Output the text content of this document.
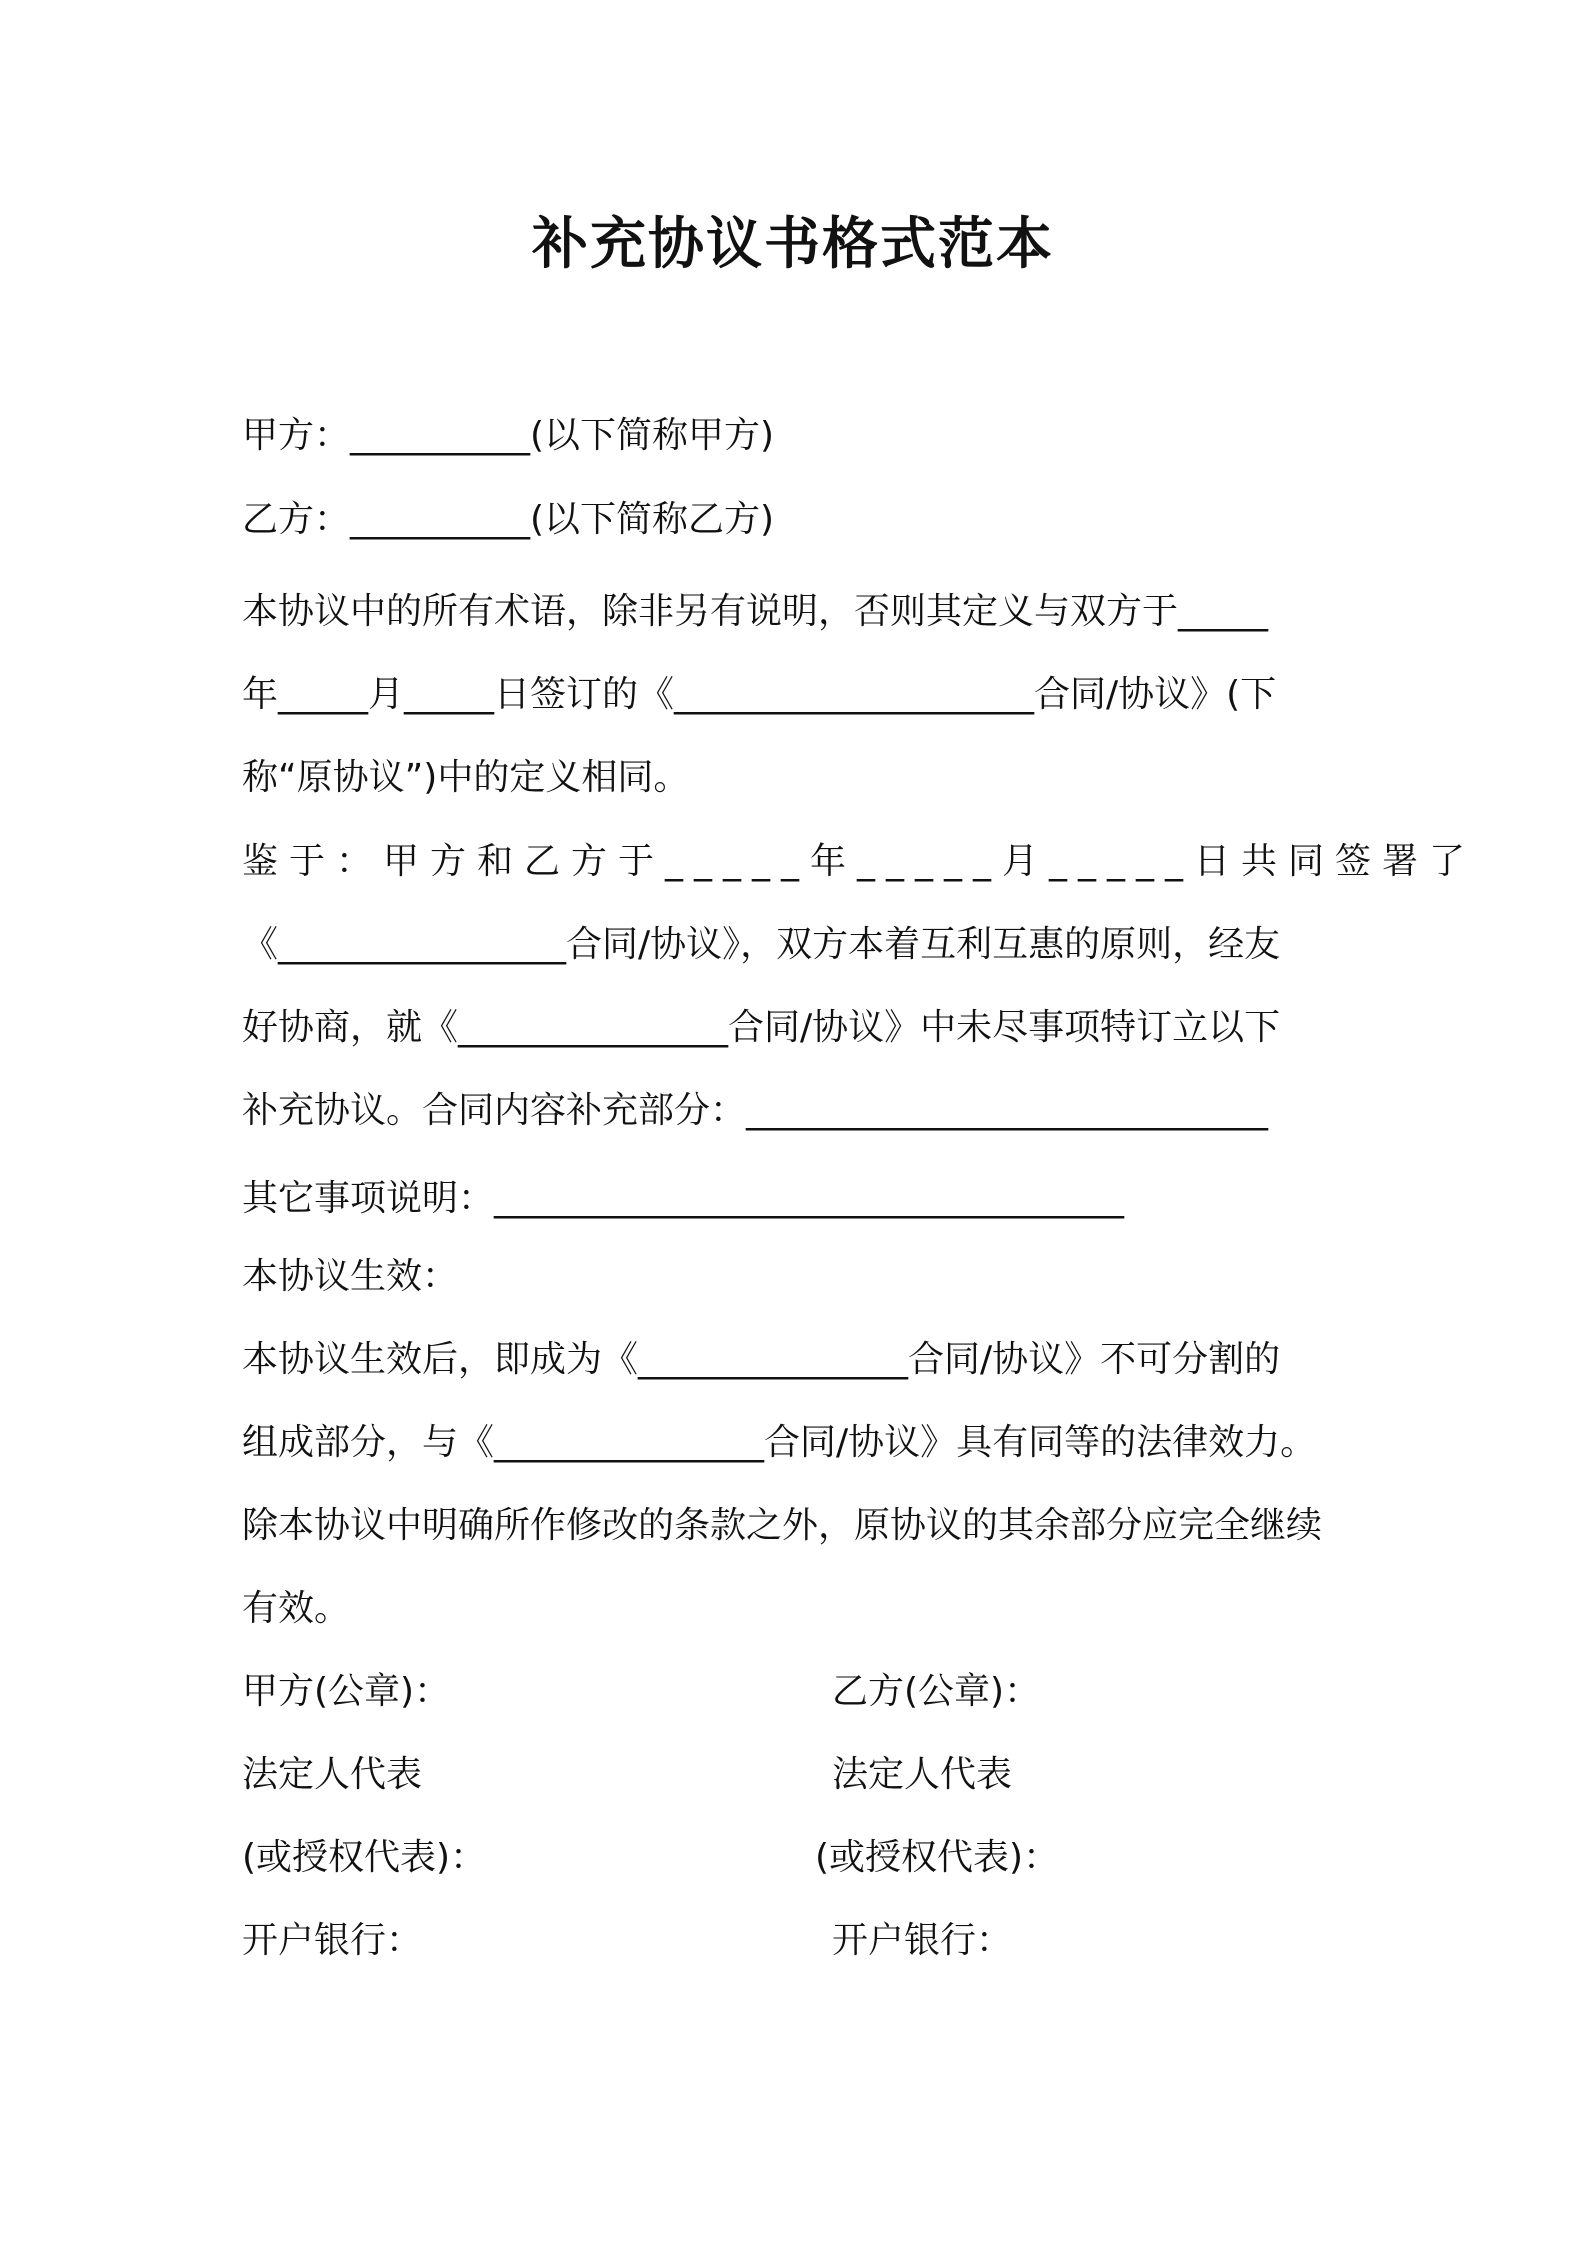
补充协议书格式范本
甲方：__________(以下简称甲方)
乙方：__________(以下简称乙方)
本协议中的所有术语，除非另有说明，否则其定义与双方于_____
年_____月_____日签订的《____________________合同/协议》(下
称“原协议”)中的定义相同。
鉴于：甲方和乙方于_____年_____月_____日共同签署了
《________________合同/协议》，双方本着互利互惠的原则，经友
好协商，就《_______________合同/协议》中未尽事项特订立以下
补充协议。合同内容补充部分：_____________________________
其它事项说明：___________________________________
本协议生效：
本协议生效后，即成为《_______________合同/协议》不可分割的
组成部分，与《_______________合同/协议》具有同等的法律效力。
除本协议中明确所作修改的条款之外，原协议的其余部分应完全继续
有效。
甲方(公章)：	乙方(公章)：
法定人代表	法定人代表
(或授权代表)：	(或授权代表)：
开户银行：	开户银行：
